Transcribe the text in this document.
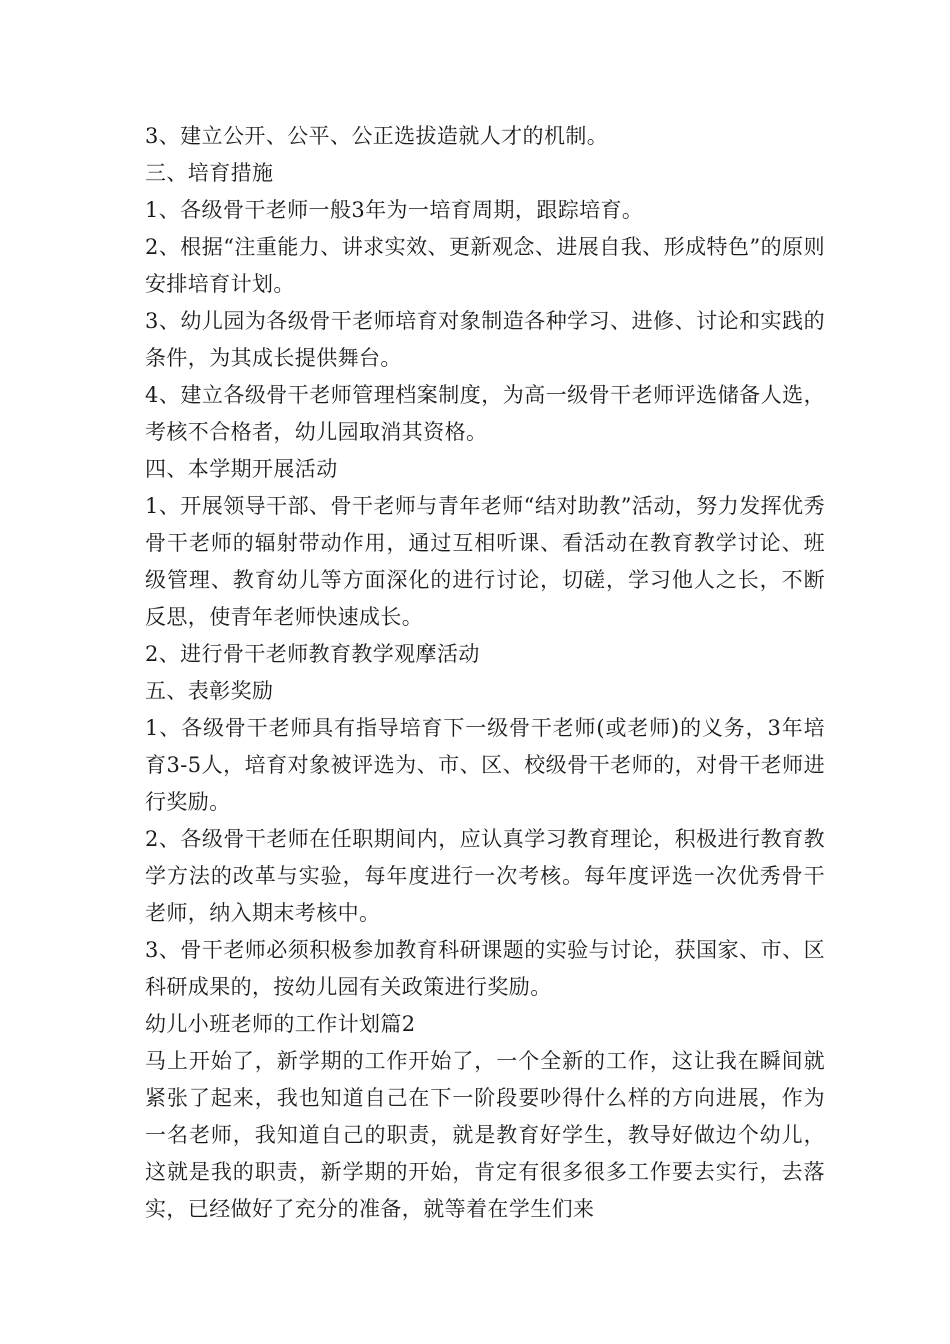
3、建立公开、公平、公正选拔造就人才的机制。

三、培育措施

1、各级骨干老师一般3年为一培育周期，跟踪培育。

2、根据“注重能力、讲求实效、更新观念、进展自我、形成特色”的原则安排培育计划。

3、幼儿园为各级骨干老师培育对象制造各种学习、进修、讨论和实践的条件，为其成长提供舞台。

4、建立各级骨干老师管理档案制度，为高一级骨干老师评选储备人选，考核不合格者，幼儿园取消其资格。

四、本学期开展活动

1、开展领导干部、骨干老师与青年老师“结对助教”活动，努力发挥优秀骨干老师的辐射带动作用，通过互相听课、看活动在教育教学讨论、班级管理、教育幼儿等方面深化的进行讨论，切磋，学习他人之长，不断反思，使青年老师快速成长。

2、进行骨干老师教育教学观摩活动

五、表彰奖励

1、各级骨干老师具有指导培育下一级骨干老师(或老师)的义务，3年培育3-5人，培育对象被评选为、市、区、校级骨干老师的，对骨干老师进行奖励。

2、各级骨干老师在任职期间内，应认真学习教育理论，积极进行教育教学方法的改革与实验，每年度进行一次考核。每年度评选一次优秀骨干老师，纳入期末考核中。

3、骨干老师必须积极参加教育科研课题的实验与讨论，获国家、市、区科研成果的，按幼儿园有关政策进行奖励。

幼儿小班老师的工作计划篇2

马上开始了，新学期的工作开始了，一个全新的工作，这让我在瞬间就紧张了起来，我也知道自己在下一阶段要吵得什么样的方向进展，作为一名老师，我知道自己的职责，就是教育好学生，教导好做边个幼儿，这就是我的职责，新学期的开始，肯定有很多很多工作要去实行，去落实，已经做好了充分的准备，就等着在学生们来
